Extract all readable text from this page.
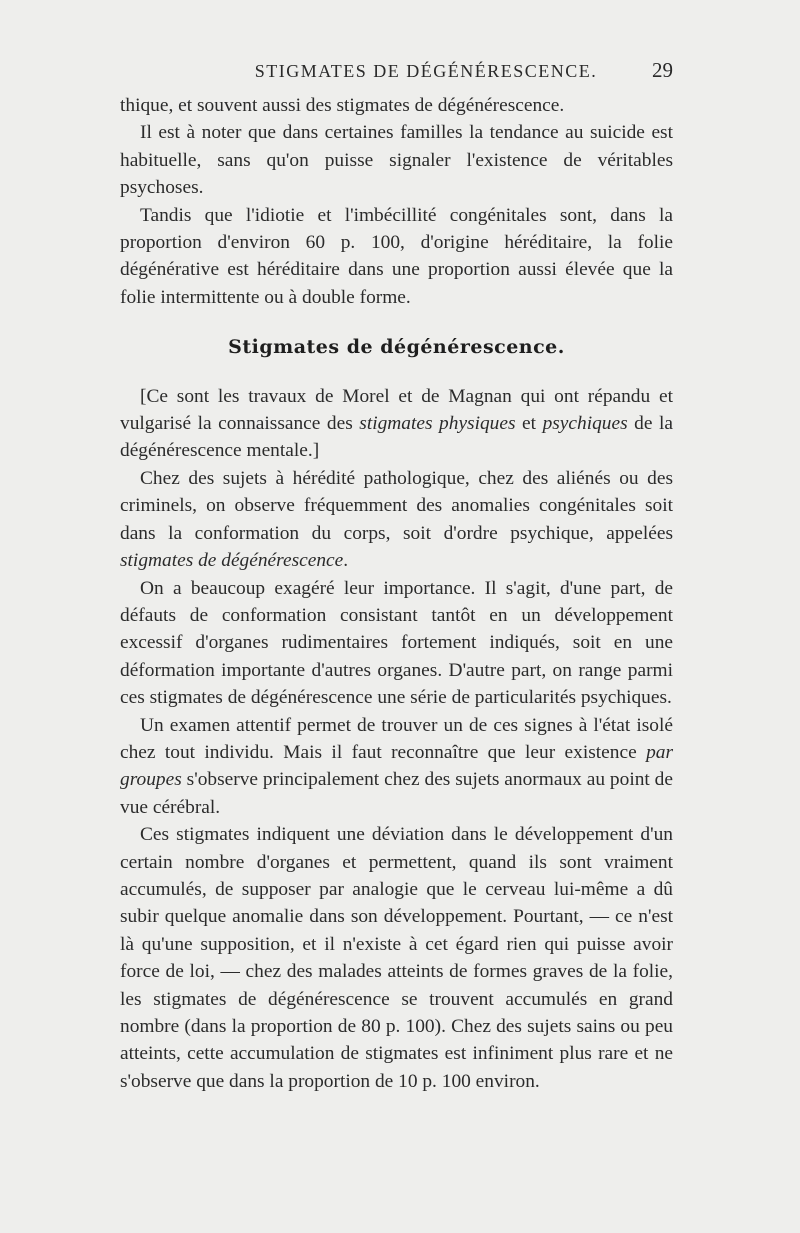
STIGMATES DE DÉGÉNÉRESCENCE.	29

thique, et souvent aussi des stigmates de dégénérescence.

Il est à noter que dans certaines familles la tendance au suicide est habituelle, sans qu'on puisse signaler l'existence de véritables psychoses.

Tandis que l'idiotie et l'imbécillité congénitales sont, dans la proportion d'environ 60 p. 100, d'origine héréditaire, la folie dégénérative est héréditaire dans une proportion aussi élevée que la folie intermittente ou à double forme.

Stigmates de dégénérescence.

[Ce sont les travaux de Morel et de Magnan qui ont répandu et vulgarisé la connaissance des stigmates physiques et psychiques de la dégénérescence mentale.]

Chez des sujets à hérédité pathologique, chez des aliénés ou des criminels, on observe fréquemment des anomalies congénitales soit dans la conformation du corps, soit d'ordre psychique, appelées stigmates de dégénérescence.

On a beaucoup exagéré leur importance. Il s'agit, d'une part, de défauts de conformation consistant tantôt en un développement excessif d'organes rudimentaires fortement indiqués, soit en une déformation importante d'autres organes. D'autre part, on range parmi ces stigmates de dégénérescence une série de particularités psychiques.

Un examen attentif permet de trouver un de ces signes à l'état isolé chez tout individu. Mais il faut reconnaître que leur existence par groupes s'observe principalement chez des sujets anormaux au point de vue cérébral.

Ces stigmates indiquent une déviation dans le développement d'un certain nombre d'organes et permettent, quand ils sont vraiment accumulés, de supposer par analogie que le cerveau lui-même a dû subir quelque anomalie dans son développement. Pourtant, — ce n'est là qu'une supposition, et il n'existe à cet égard rien qui puisse avoir force de loi, — chez des malades atteints de formes graves de la folie, les stigmates de dégénérescence se trouvent accumulés en grand nombre (dans la proportion de 80 p. 100). Chez des sujets sains ou peu atteints, cette accumulation de stigmates est infiniment plus rare et ne s'observe que dans la proportion de 10 p. 100 environ.
